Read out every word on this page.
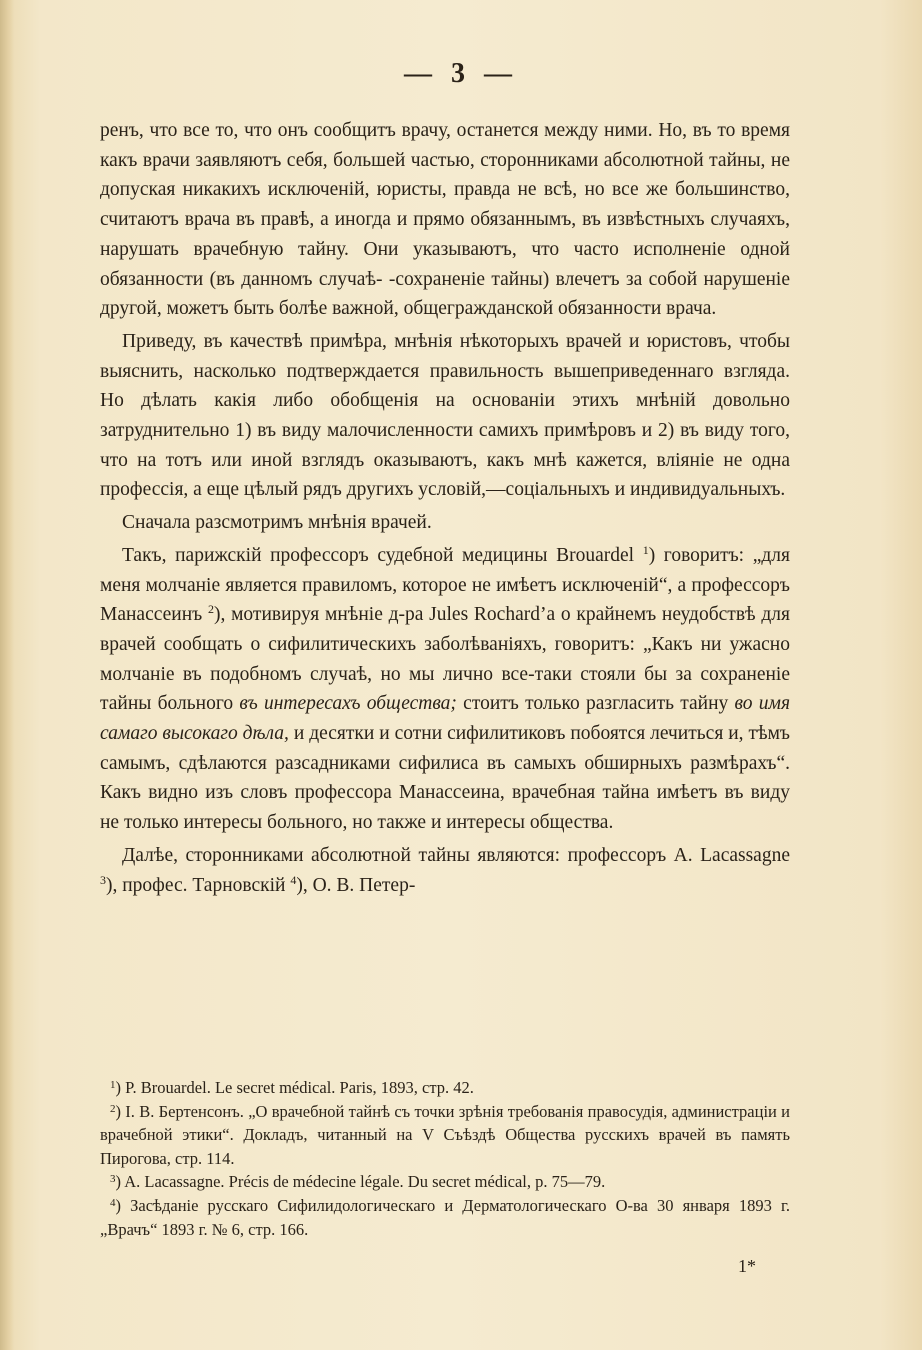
— 3 —

ренъ, что все то, что онъ сообщитъ врачу, останется между ними. Но, въ то время какъ врачи заявляютъ себя, большей частью, сторонниками абсолютной тайны, не допуская никакихъ исключеній, юристы, правда не всѣ, но все же большинство, считаютъ врача въ правѣ, а иногда и прямо обязаннымъ, въ извѣстныхъ случаяхъ, нарушать врачебную тайну. Они указываютъ, что часто исполненіе одной обязанности (въ данномъ случаѣ- -сохраненіе тайны) влечетъ за собой нарушеніе другой, можетъ быть болѣе важной, общегражданской обязанности врача.

Приведу, въ качествѣ примѣра, мнѣнія нѣкоторыхъ врачей и юристовъ, чтобы выяснить, насколько подтверждается правильность вышеприведеннаго взгляда. Но дѣлать какія либо обобщенія на основаніи этихъ мнѣній довольно затруднительно 1) въ виду малочисленности самихъ примѣровъ и 2) въ виду того, что на тотъ или иной взглядъ оказываютъ, какъ мнѣ кажется, вліяніе не одна профессія, а еще цѣлый рядъ другихъ условій,—соціальныхъ и индивидуальныхъ.

Сначала разсмотримъ мнѣнія врачей.

Такъ, парижскій профессоръ судебной медицины Brouardel $^1$) говоритъ: „для меня молчаніе является правиломъ, которое не имѣетъ исключеній“, а профессоръ Манассеинъ $^2$), мотивируя мнѣніе д-ра Jules Rochard’а о крайнемъ неудобствѣ для врачей сообщать о сифилитическихъ заболѣваніяхъ, говоритъ: „Какъ ни ужасно молчаніе въ подобномъ случаѣ, но мы лично все-таки стояли бы за сохраненіе тайны больного въ интересахъ общества; стоитъ только разгласить тайну во имя самаго высокаго дѣла, и десятки и сотни сифилитиковъ побоятся лечиться и, тѣмъ самымъ, сдѣлаются разсадниками сифилиса въ самыхъ обширныхъ размѣрахъ“. Какъ видно изъ словъ профессора Манассеина, врачебная тайна имѣетъ въ виду не только интересы больного, но также и интересы общества.

Далѣе, сторонниками абсолютной тайны являются: профессоръ А. Lacassagne $^3$), профес. Тарновскій $^4$), О. В. Петер-

$^1$) P. Brouardel. Le secret médical. Paris, 1893, стр. 42.

$^2$) І. В. Бертенсонъ. „О врачебной тайнѣ съ точки зрѣнія требованія правосудія, администраціи и врачебной этики“. Докладъ, читанный на V Съѣздѣ Общества русскихъ врачей въ память Пирогова, стр. 114.

$^3$) A. Lacassagne. Précis de médecine légale. Du secret médical, p. 75—79.

$^4$) Засѣданіе русскаго Сифилидологическаго и Дерматологическаго О-ва 30 января 1893 г. „Врачъ“ 1893 г. № 6, стр. 166.

1*
